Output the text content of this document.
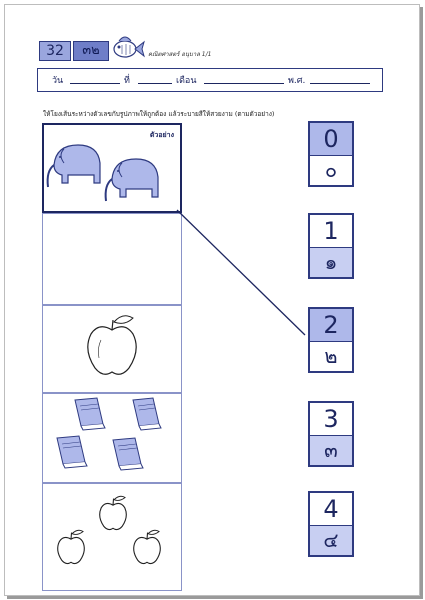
32	๓๒	คณิตศาสตร์ อนุบาล 1/1
วัน	ที่	เดือน	พ.ศ.
ให้โยงเส้นระหว่างตัวเลขกับรูปภาพให้ถูกต้อง แล้วระบายสีให้สวยงาม (ตามตัวอย่าง)
ตัวอย่าง	0
๐
1
๑
2
๒
3
๓
4
๔
